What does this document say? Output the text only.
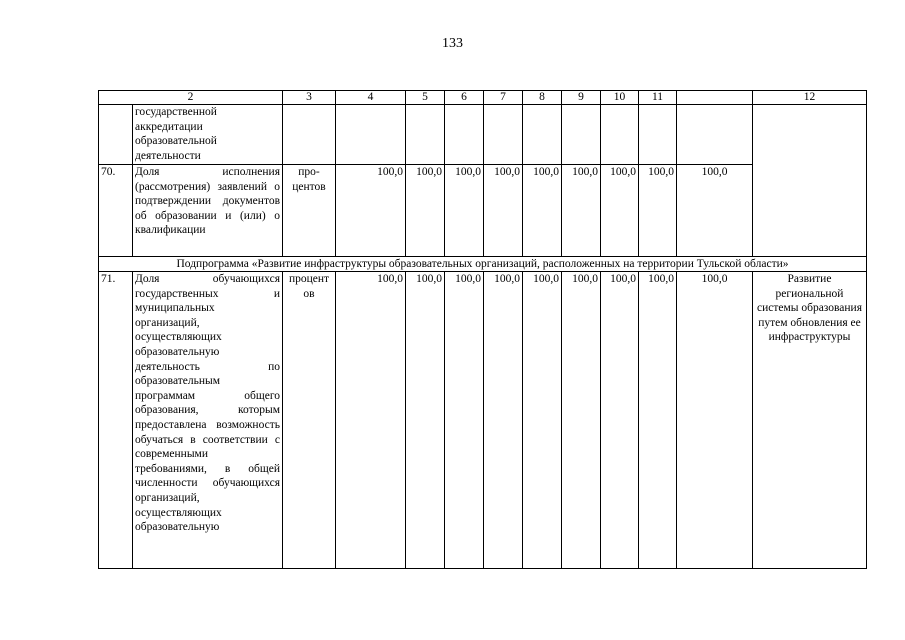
133
2		3	4	5	6	7	8	9	10	11		12
	государственной аккредитации образовательной деятельности											
70.	Доля исполнения (рассмотрения) заявлений о подтверждении документов об образовании и (или) о квалификации	про-центов	100,0	100,0	100,0	100,0	100,0	100,0	100,0	100,0	100,0	
Подпрограмма «Развитие инфраструктуры образовательных организаций, расположенных на территории Тульской области»												
71.	Доля обучающихся государственных и муниципальных организаций, осуществляющих образовательную деятельность по образовательным программам общего образования, которым предоставлена возможность обучаться в соответствии с современными требованиями, в общей численности обучающихся организаций, осуществляющих образовательную	процент ов	100,0	100,0	100,0	100,0	100,0	100,0	100,0	100,0	100,0	Развитие региональной системы образования путем обновления ее инфраструктуры
